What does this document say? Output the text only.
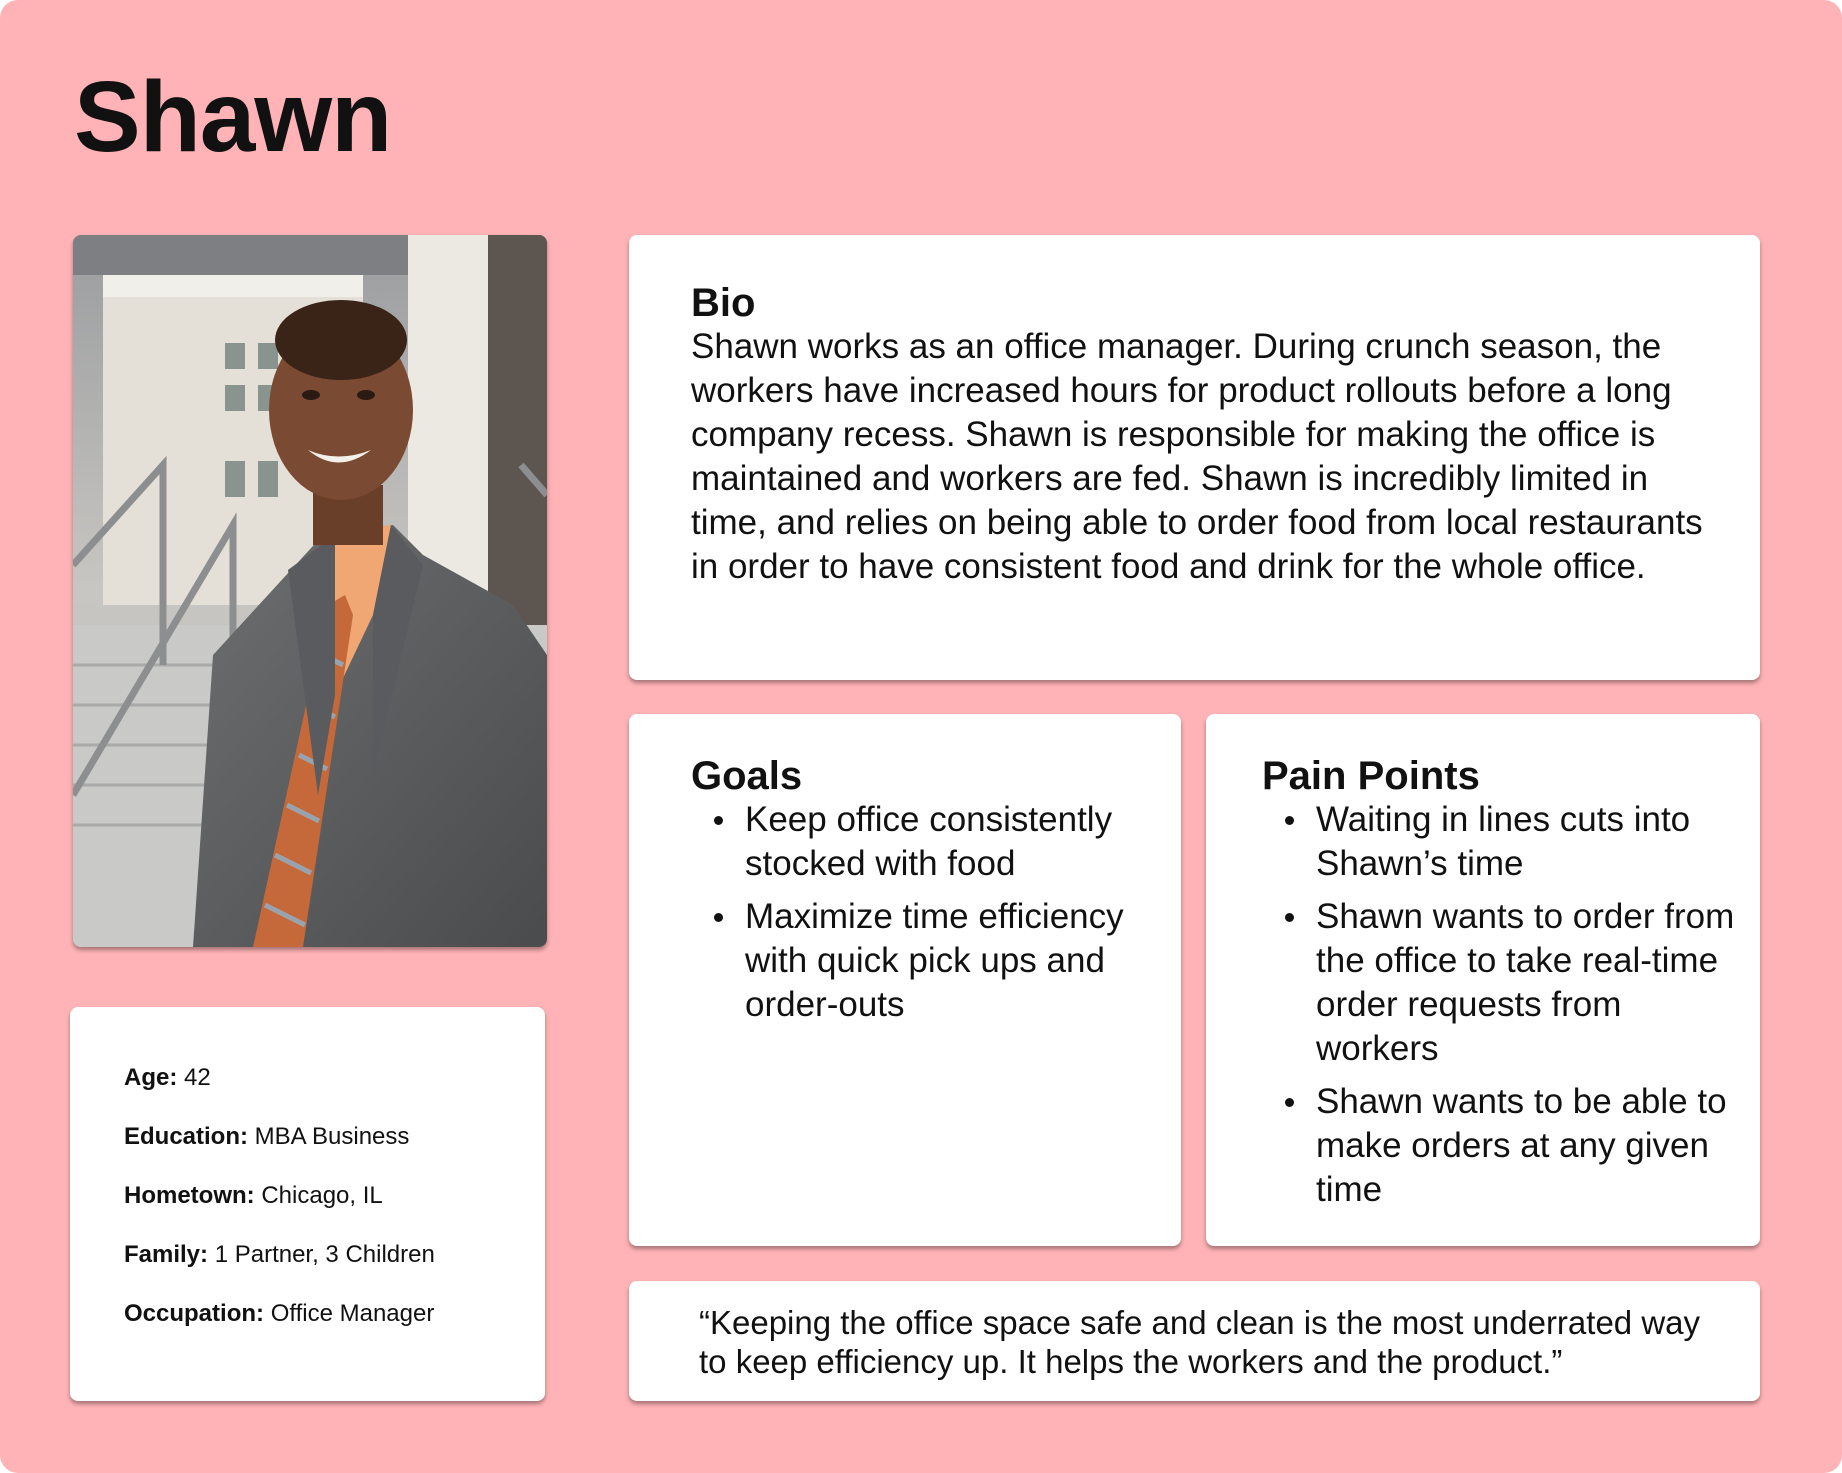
Shawn
Age: 42
Education: MBA Business
Hometown: Chicago, IL
Family: 1 Partner, 3 Children
Occupation: Office Manager
Bio

Shawn works as an office manager. During crunch season, the workers have increased hours for product rollouts before a long company recess. Shawn is responsible for making the office is maintained and workers are fed. Shawn is incredibly limited in time, and relies on being able to order food from local restaurants in order to have consistent food and drink for the whole office.

Goals
Keep office consistently stocked with food
Maximize time efficiency with quick pick ups and order-outs
Pain Points
Waiting in lines cuts into Shawn’s time
Shawn wants to order from the office to take real-time order requests from workers
Shawn wants to be able to make orders at any given time

“Keeping the office space safe and clean is the most underrated way to keep efficiency up. It helps the workers and the product.”
